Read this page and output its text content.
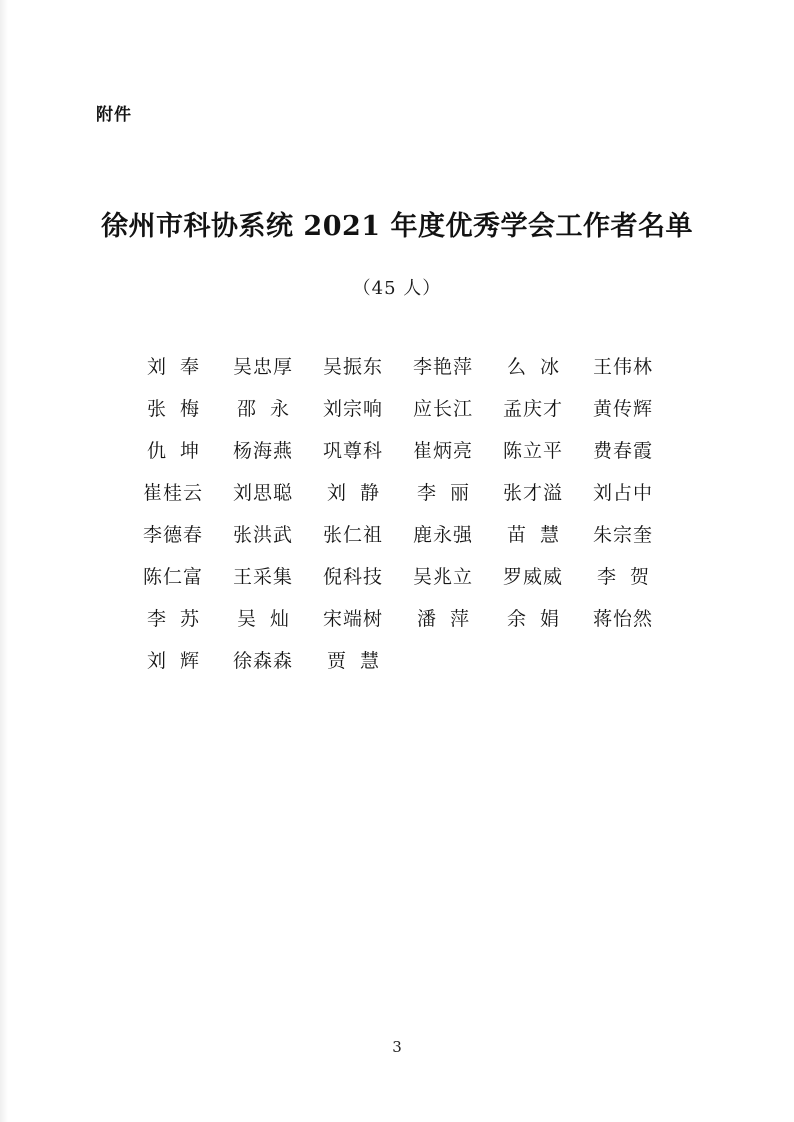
附件
徐州市科协系统 2021 年度优秀学会工作者名单
（45 人）
刘奉	吴忠厚	吴振东	李艳萍	么冰	王伟林
张梅	邵永	刘宗响	应长江	孟庆才	黄传辉
仇坤	杨海燕	巩尊科	崔炳亮	陈立平	费春霞
崔桂云	刘思聪	刘静	李丽	张才溢	刘占中
李德春	张洪武	张仁祖	鹿永强	苗慧	朱宗奎
陈仁富	王采集	倪科技	吴兆立	罗威威	李贺
李苏	吴灿	宋端树	潘萍	余娟	蒋怡然
刘辉	徐森森	贾慧			
3
